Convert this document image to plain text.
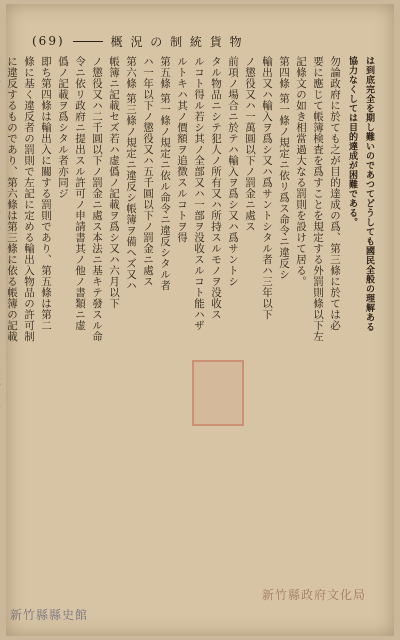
(69)	概 況 の 制 統 貨 物
は到底完全を期し難いのであつてどうしても國民全般の理解ある
協力なくしては目的達成が困難である。
勿論政府に於ても之が目的達成の爲、第三條に於ては必
要に應じて帳簿検査を爲すことを規定する外罰則條以下左
記條文の如き相當過大なる罰則を設けて居る。
第四條 第一條ノ規定ニ依リ爲ス命令ニ違反シ
輸出又ハ輸入ヲ爲シ又ハ爲サントシタル者ハ三年以下
ノ懲役又ハ一萬圓以下ノ罰金ニ處ス
前項ノ場合ニ於テハ輸入ヲ爲シ又ハ爲サントシ
タル物品ニシテ犯人ノ所有又ハ所持スルモノヲ没收ス
ルコト得ル若シ其ノ全部又ハ一部ヲ没收スルコト能ハザ
ルトキハ其ノ價額ヲ追徴スルコトヲ得
第五條 第一條ノ規定ニ依ル命令ニ違反シタル者
ハ一年以下ノ懲役又ハ五千圓以下ノ罰金ニ處ス
第六條 第三條ノ規定ニ違反シ帳簿ヲ備ヘズ又ハ
帳簿ニ記載セズ若ハ虚僞ノ記載ヲ爲シ又ハ六月以下
ノ懲役又ハ二千圓以下ノ罰金ニ處ス本法ニ基キテ發スル命
令ニ依リ政府ニ提出スル許可ノ申請書其ノ他ノ書類ニ虚
僞ノ記載ヲ爲シタル者亦同ジ
即ち第四條は輸出入に關する罰則であり、第五條は第二
條に基く違反者の罰則で左記に定める輸出入物品の許可制
に違反するものであり、第六條は第三條に依る帳簿の記載
新竹縣政府文化局
新竹縣縣史館
